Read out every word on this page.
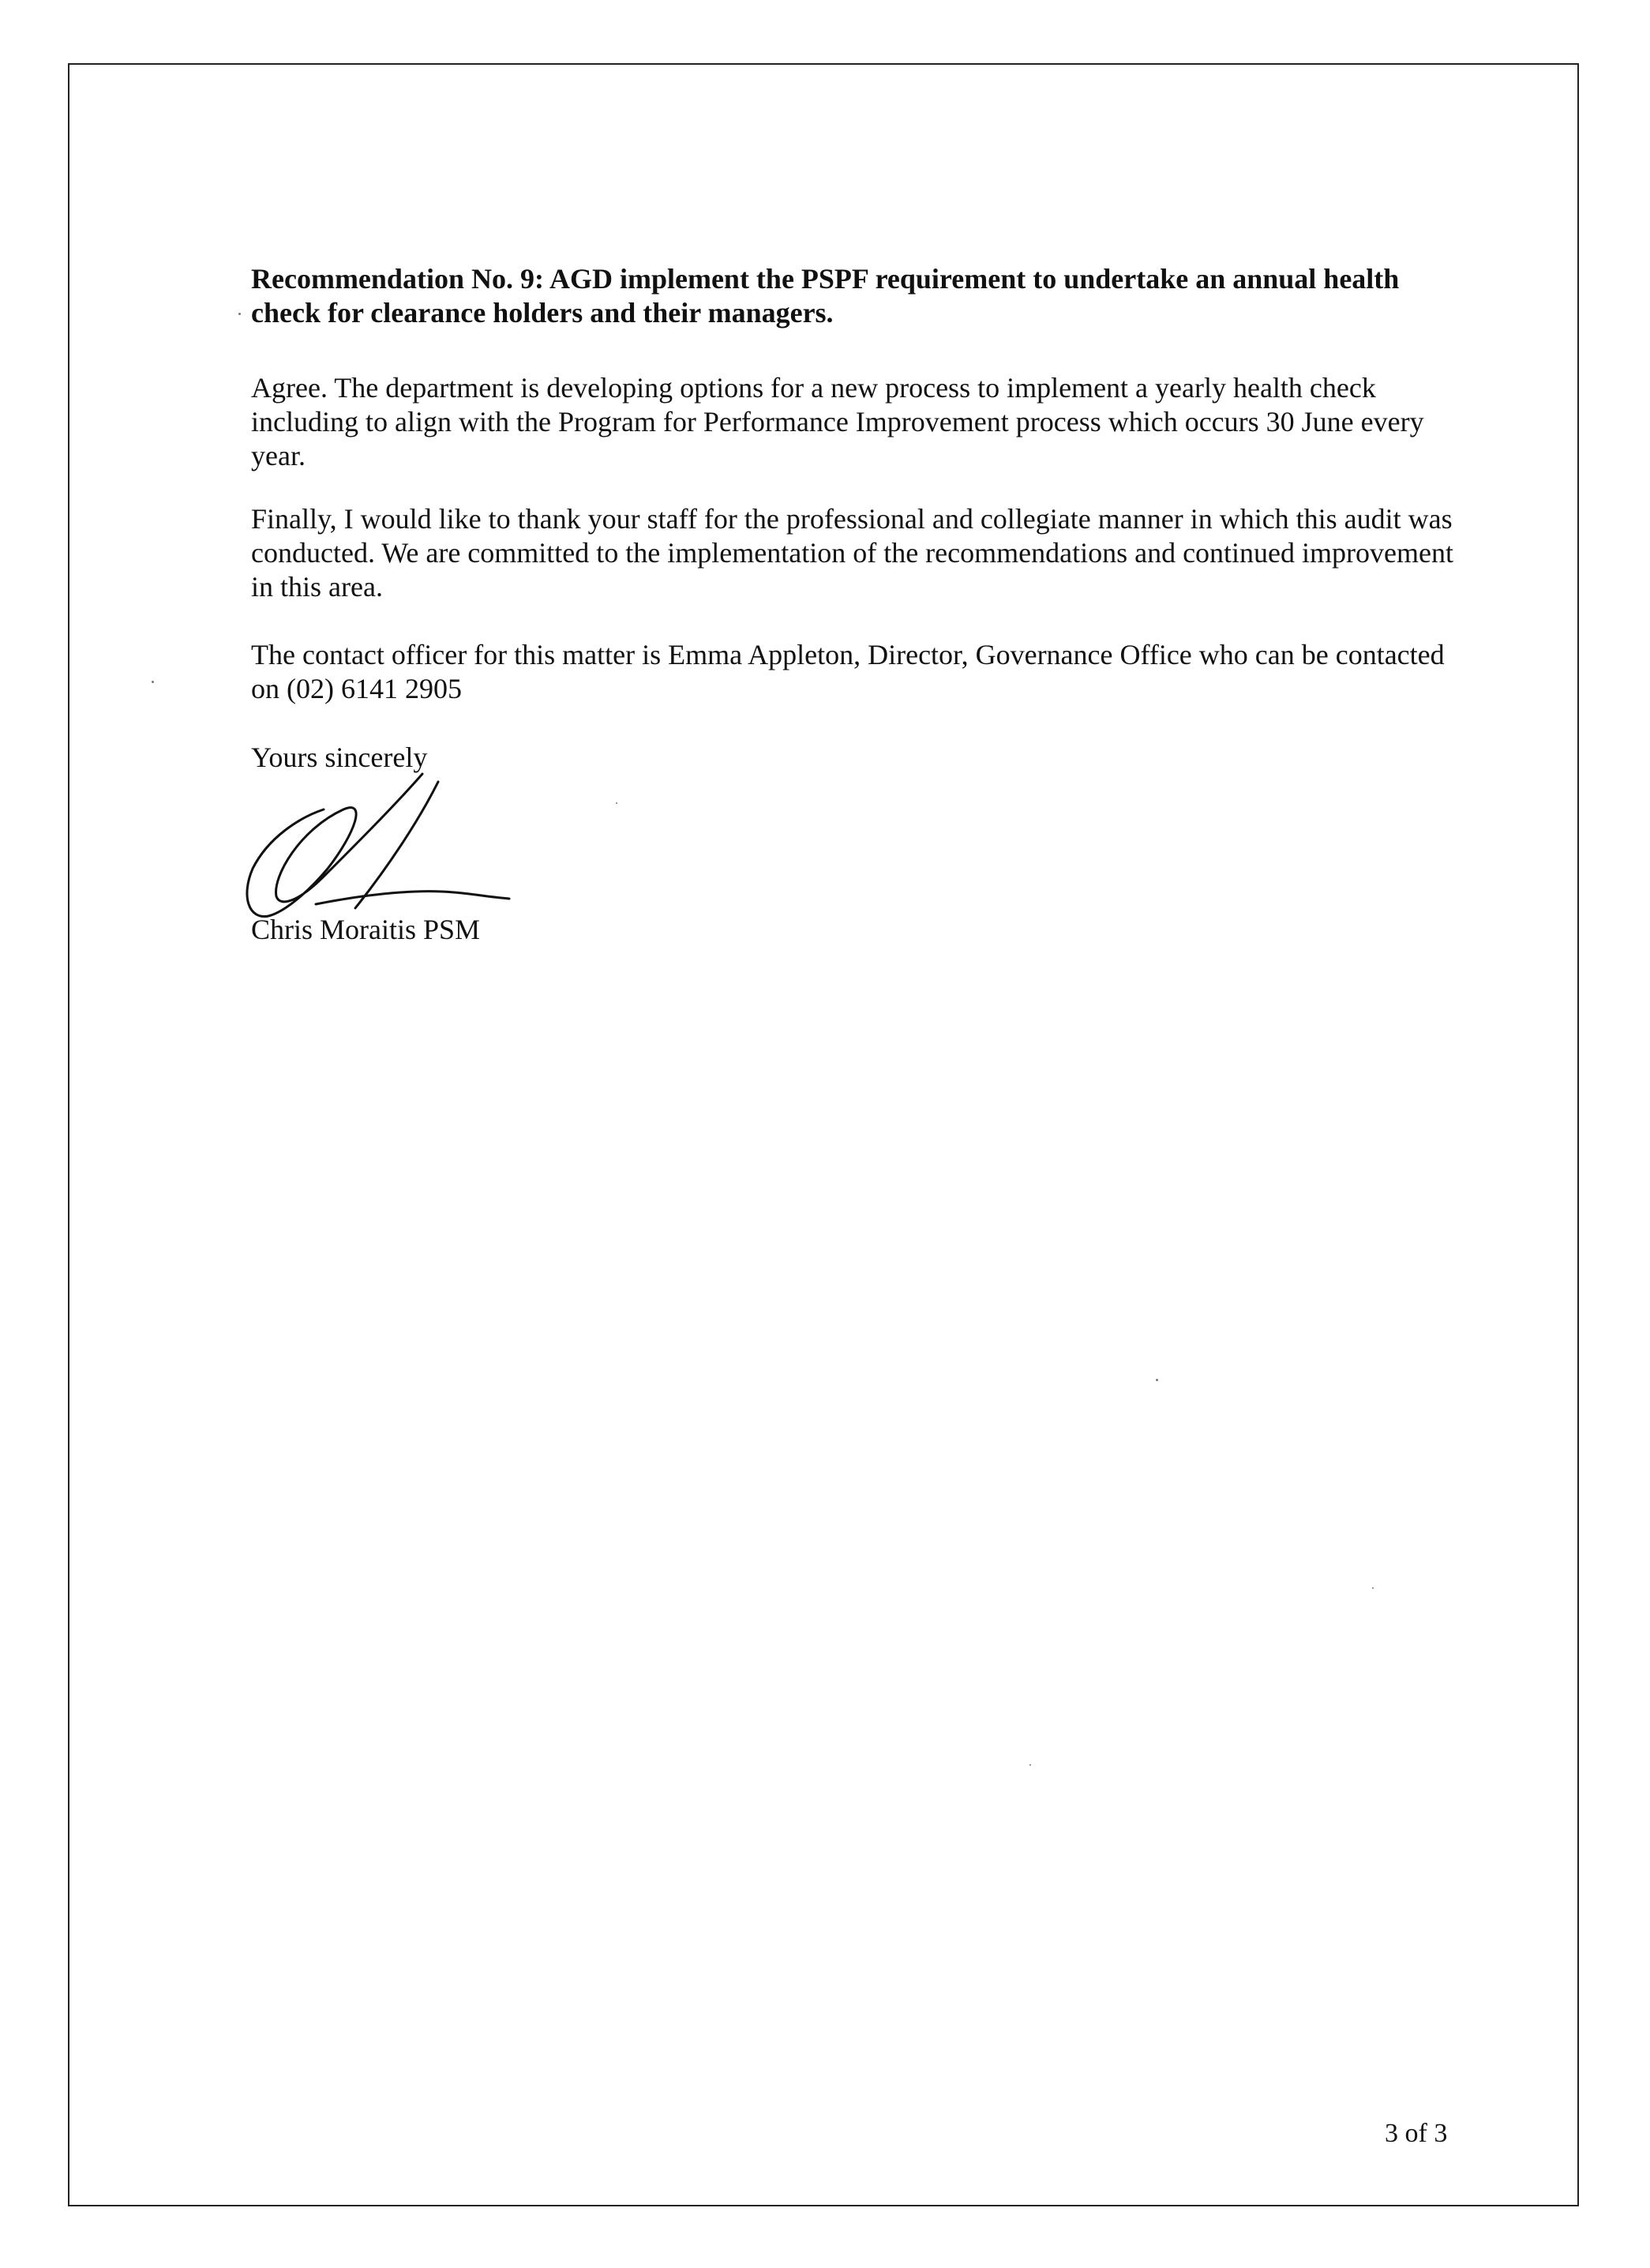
Recommendation No. 9: AGD implement the PSPF requirement to undertake an annual health check for clearance holders and their managers.

Agree. The department is developing options for a new process to implement a yearly health check including to align with the Program for Performance Improvement process which occurs 30 June every year.

Finally, I would like to thank your staff for the professional and collegiate manner in which this audit was conducted. We are committed to the implementation of the recommendations and continued improvement in this area.

The contact officer for this matter is Emma Appleton, Director, Governance Office who can be contacted on (02) 6141 2905

Yours sincerely

Chris Moraitis PSM

3 of 3
